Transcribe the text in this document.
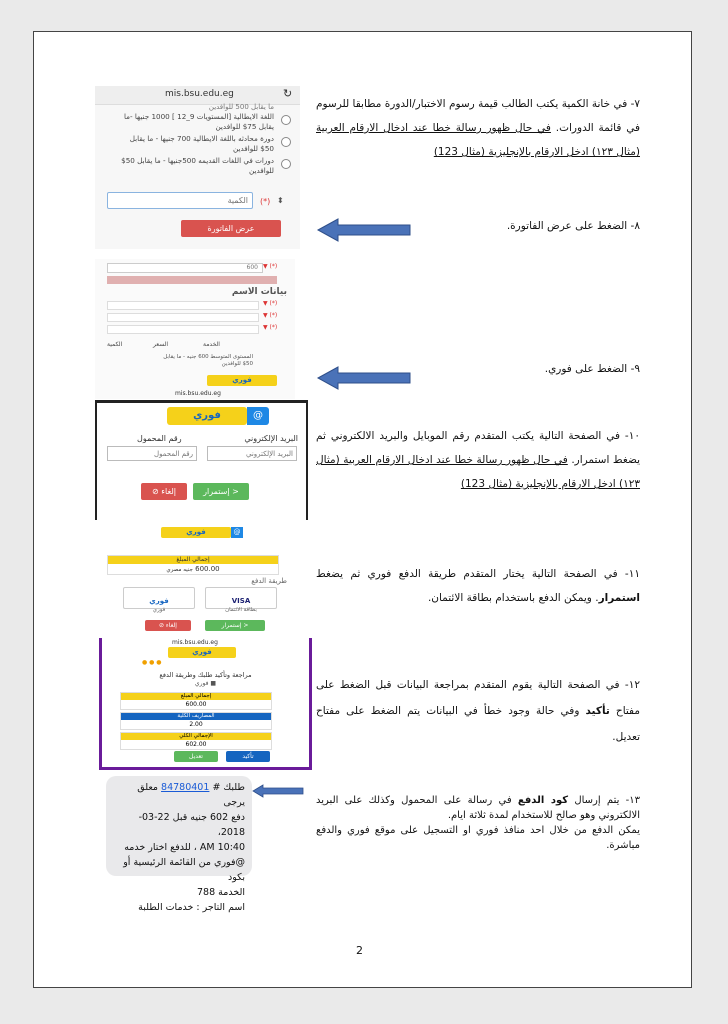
٧- في خانة الكمية يكتب الطالب قيمة رسوم الاختبار/الدورة مطابقا للرسوم في قائمة الدورات. في حال ظهور رسالة خطا عند ادخال الارقام العربية (مثال ١٢٣) ادخل الارقام بالإنجليزية (مثال 123)

٨- الضغط على عرض الفاتورة.

٩- الضغط على فوري.

١٠- في الصفحة التالية يكتب المتقدم رقم الموبايل والبريد الالكتروني ثم يضغط استمرار. في حال ظهور رسالة خطا عند ادخال الارقام العربية (مثال ١٢٣) ادخل الارقام بالإنجليزية (مثال 123)

١١- في الصفحة التالية يختار المتقدم طريقة الدفع فوري ثم يضغط استمرار. ويمكن الدفع باستخدام بطاقة الائتمان.

١٢- في الصفحة التالية يقوم المتقدم بمراجعة البيانات قبل الضغط على مفتاح تأكيد وفي حالة وجود خطأ في البيانات يتم الضغط على مفتاح تعديل.

١٣- يتم إرسال كود الدفع في رسالة على المحمول وكذلك على البريد الالكتروني وهو صالح للاستخدام لمدة ثلاثة ايام.

يمكن الدفع من خلال احد منافذ فوري او التسجيل على موقع فوري والدفع مباشرة.

mis.bsu.edu.eg	↻
ما يقابل 500 للوافدين
اللغة الايطالية [المستويات 9_12 ] 1000 جنيها -ما يقابل 75$ للوافدين
دورة محادثه باللغة الايطالية 700 جنيها - ما يقابل 50$ للوافدين
دورات في اللغات القديمه 500جنيها - ما يقابل 50$ للوافدين
(*) ⬍
الكمية
عرض الفاتورة
600 (*) ▼
بيانات الاسم
(*) ▼
(*) ▼
(*) ▼
الكمية	السعر	الخدمة
المستوى المتوسط 600 جنيه - ما يقابل 50$ للوافدين
فوري
mis.bsu.edu.eg
فوري	@
البريد الإلكتروني
رقم المحمول
البريد الإلكتروني
رقم المحمول
< إستمرار
إلغاء ⊘
فوري	@
إجمالي المبلغ
600.00 جنيه مصري
طريقة الدفع
VISA
بطاقة الائتمان
فوري
فوري
< إستمرار
إلغاء ⊘
mis.bsu.edu.eg
فوري
● ● ●
مراجعة وتأكيد طلبك وطريقة الدفع
■ فوري
إجمالي المبلغ
600.00
المصاريف الكلية
2.00
الإجمالي الكلي
602.00
تأكيد
تعديل
طلبك # 84780401 معلق يرجى
دفع 602 جنيه قبل 22-03-2018،
10:40 AM ، للدفع اختار خدمه
@فوري من القائمة الرئيسية أو بكود
الخدمة 788
اسم التاجر : خدمات الطلبة
2
